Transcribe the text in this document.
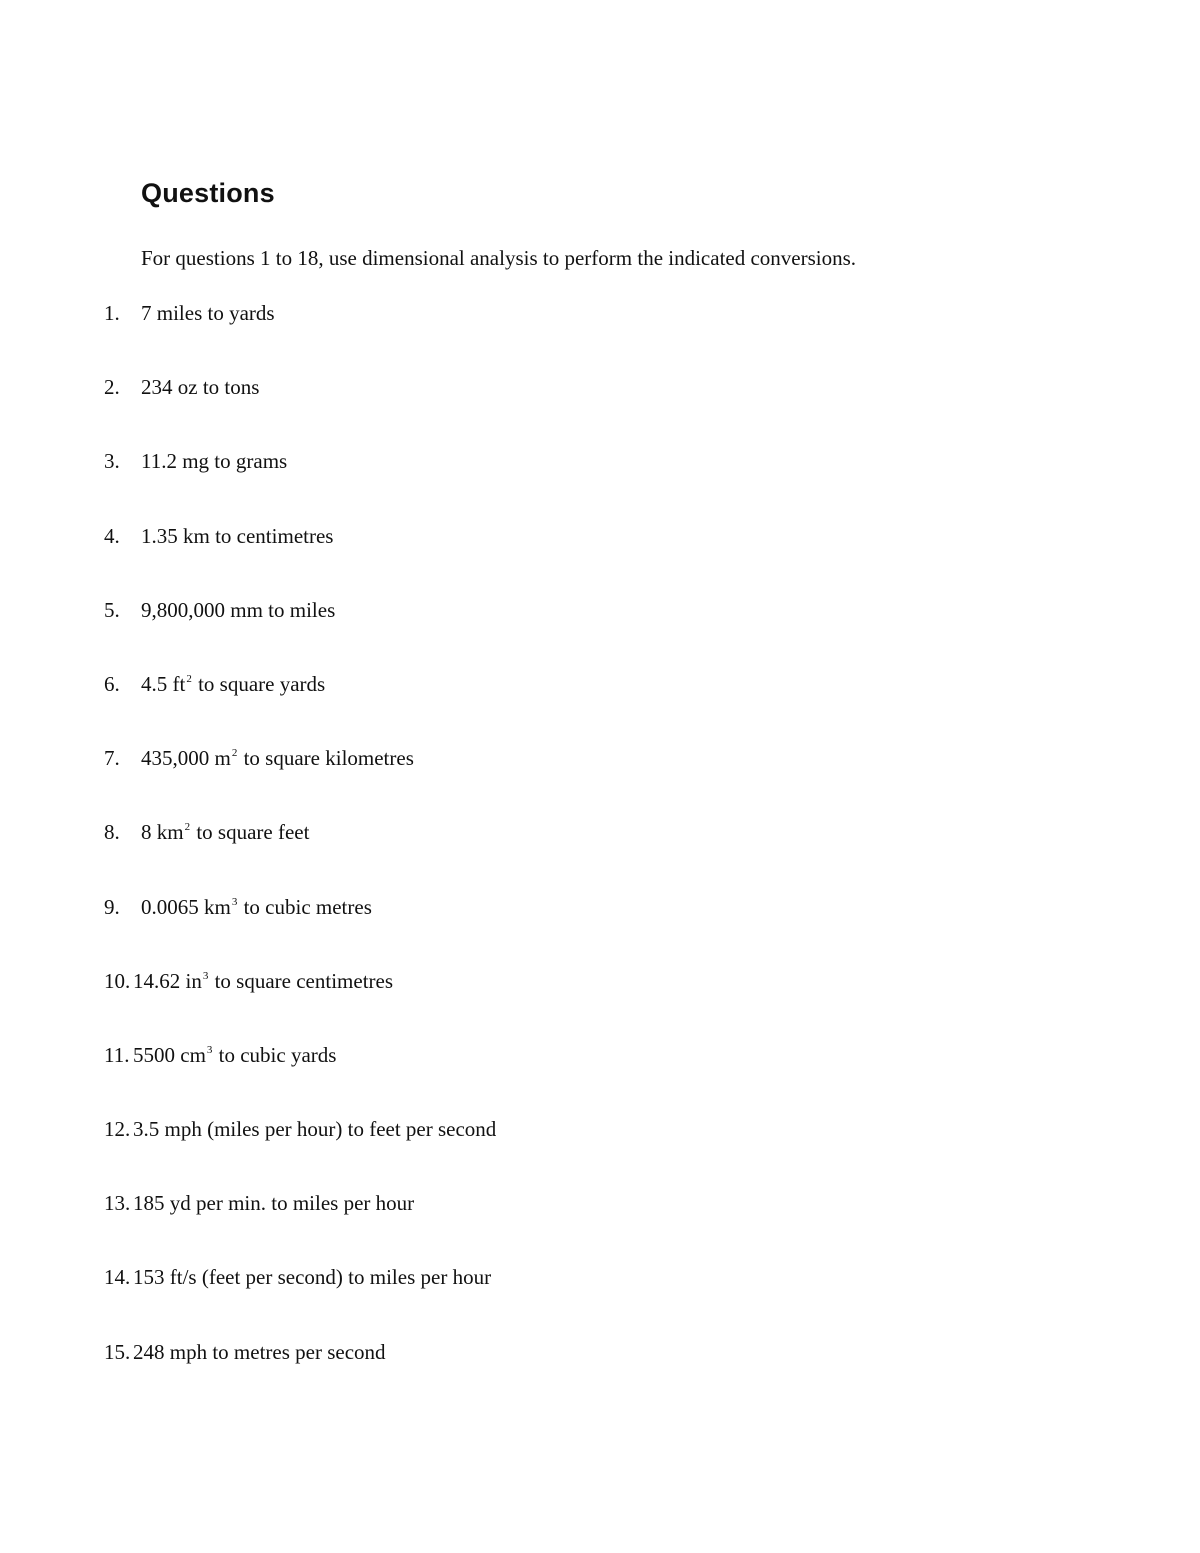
Questions

For questions 1 to 18, use dimensional analysis to perform the indicated conversions.

1. 7 miles to yards
2. 234 oz to tons
3. 11.2 mg to grams
4. 1.35 km to centimetres
5. 9,800,000 mm to miles
6. 4.5 $ft^2$ to square yards
7. 435,000 $m^2$ to square kilometres
8. 8 $km^2$ to square feet
9. 0.0065 $km^3$ to cubic metres
10. 14.62 $in^3$ to square centimetres
11. 5500 $cm^3$ to cubic yards
12. 3.5 mph (miles per hour) to feet per second
13. 185 yd per min. to miles per hour
14. 153 ft/s (feet per second) to miles per hour
15. 248 mph to metres per second
